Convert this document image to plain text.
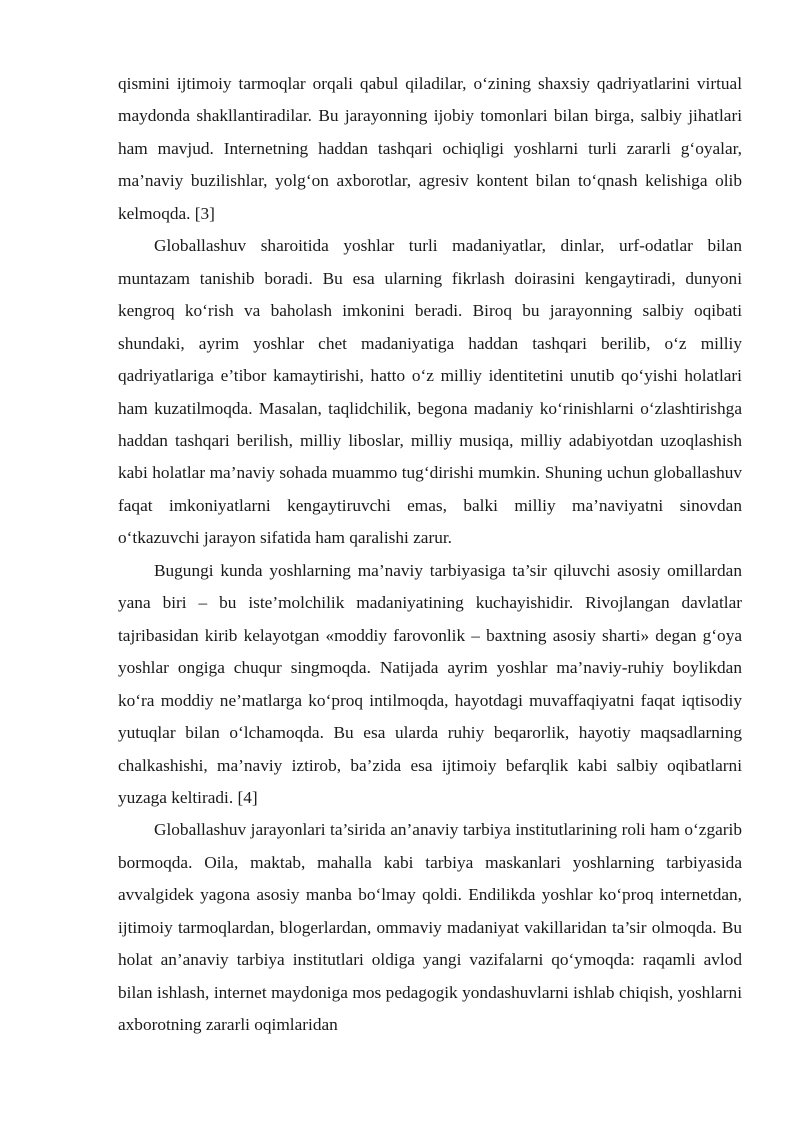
qismini ijtimoiy tarmoqlar orqali qabul qiladilar, o‘zining shaxsiy qadriyatlarini virtual maydonda shakllantiradilar. Bu jarayonning ijobiy tomonlari bilan birga, salbiy jihatlari ham mavjud. Internetning haddan tashqari ochiqligi yoshlarni turli zararli g‘oyalar, ma’naviy buzilishlar, yolg‘on axborotlar, agresiv kontent bilan to‘qnash kelishiga olib kelmoqda. [3]

Globallashuv sharoitida yoshlar turli madaniyatlar, dinlar, urf-odatlar bilan muntazam tanishib boradi. Bu esa ularning fikrlash doirasini kengaytiradi, dunyoni kengroq ko‘rish va baholash imkonini beradi. Biroq bu jarayonning salbiy oqibati shundaki, ayrim yoshlar chet madaniyatiga haddan tashqari berilib, o‘z milliy qadriyatlariga e’tibor kamaytirishi, hatto o‘z milliy identitetini unutib qo‘yishi holatlari ham kuzatilmoqda. Masalan, taqlidchilik, begona madaniy ko‘rinishlarni o‘zlashtirishga haddan tashqari berilish, milliy liboslar, milliy musiqa, milliy adabiyotdan uzoqlashish kabi holatlar ma’naviy sohada muammo tug‘dirishi mumkin. Shuning uchun globallashuv faqat imkoniyatlarni kengaytiruvchi emas, balki milliy ma’naviyatni sinovdan o‘tkazuvchi jarayon sifatida ham qaralishi zarur.

Bugungi kunda yoshlarning ma’naviy tarbiyasiga ta’sir qiluvchi asosiy omillardan yana biri – bu iste’molchilik madaniyatining kuchayishidir. Rivojlangan davlatlar tajribasidan kirib kelayotgan «moddiy farovonlik – baxtning asosiy sharti» degan g‘oya yoshlar ongiga chuqur singmoqda. Natijada ayrim yoshlar ma’naviy-ruhiy boylikdan ko‘ra moddiy ne’matlarga ko‘proq intilmoqda, hayotdagi muvaffaqiyatni faqat iqtisodiy yutuqlar bilan o‘lchamoqda. Bu esa ularda ruhiy beqarorlik, hayotiy maqsadlarning chalkashishi, ma’naviy iztirob, ba’zida esa ijtimoiy befarqlik kabi salbiy oqibatlarni yuzaga keltiradi. [4]

Globallashuv jarayonlari ta’sirida an’anaviy tarbiya institutlarining roli ham o‘zgarib bormoqda. Oila, maktab, mahalla kabi tarbiya maskanlari yoshlarning tarbiyasida avvalgidek yagona asosiy manba bo‘lmay qoldi. Endilikda yoshlar ko‘proq internetdan, ijtimoiy tarmoqlardan, blogerlardan, ommaviy madaniyat vakillaridan ta’sir olmoqda. Bu holat an’anaviy tarbiya institutlari oldiga yangi vazifalarni qo‘ymoqda: raqamli avlod bilan ishlash, internet maydoniga mos pedagogik yondashuvlarni ishlab chiqish, yoshlarni axborotning zararli oqimlaridan
